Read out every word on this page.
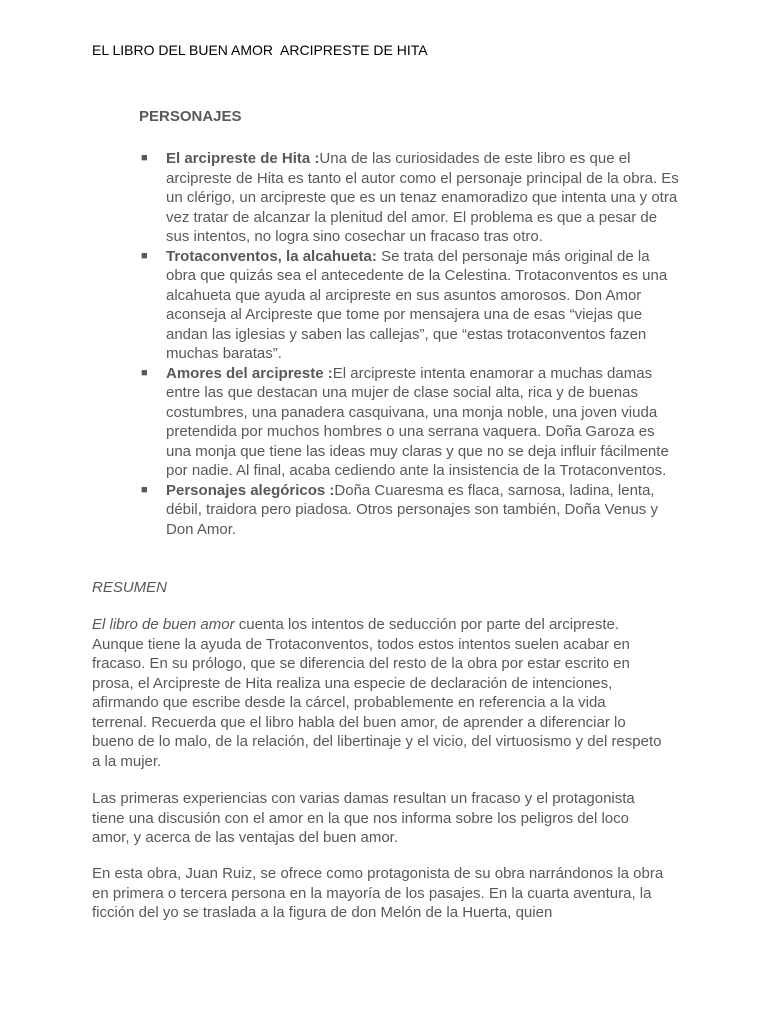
EL LIBRO DEL BUEN AMOR  ARCIPRESTE DE HITA
PERSONAJES
■ El arcipreste de Hita :Una de las curiosidades de este libro es que el arcipreste de Hita es tanto el autor como el personaje principal de la obra. Es un clérigo, un arcipreste que es un tenaz enamoradizo que intenta una y otra vez tratar de alcanzar la plenitud del amor. El problema es que a pesar de sus intentos, no logra sino cosechar un fracaso tras otro.
■ Trotaconventos, la alcahueta: Se trata del personaje más original de la obra que quizás sea el antecedente de la Celestina. Trotaconventos es una alcahueta que ayuda al arcipreste en sus asuntos amorosos. Don Amor aconseja al Arcipreste que tome por mensajera una de esas “viejas que andan las iglesias y saben las callejas”, que “estas trotaconventos fazen muchas baratas”.
■ Amores del arcipreste :El arcipreste intenta enamorar a muchas damas entre las que destacan una mujer de clase social alta, rica y de buenas costumbres, una panadera casquivana, una monja noble, una joven viuda pretendida por muchos hombres o una serrana vaquera. Doña Garoza es una monja que tiene las ideas muy claras y que no se deja influir fácilmente por nadie. Al final, acaba cediendo ante la insistencia de la Trotaconventos.
■ Personajes alegóricos :Doña Cuaresma es flaca, sarnosa, ladina, lenta, débil, traidora pero piadosa. Otros personajes son también, Doña Venus y Don Amor.
RESUMEN

El libro de buen amor cuenta los intentos de seducción por parte del arcipreste. Aunque tiene la ayuda de Trotaconventos, todos estos intentos suelen acabar en fracaso. En su prólogo, que se diferencia del resto de la obra por estar escrito en prosa, el Arcipreste de Hita realiza una especie de declaración de intenciones, afirmando que escribe desde la cárcel, probablemente en referencia a la vida terrenal. Recuerda que el libro habla del buen amor, de aprender a diferenciar lo bueno de lo malo, de la relación, del libertinaje y el vicio, del virtuosismo y del respeto a la mujer.

Las primeras experiencias con varias damas resultan un fracaso y el protagonista tiene una discusión con el amor en la que nos informa sobre los peligros del loco amor, y acerca de las ventajas del buen amor.

En esta obra, Juan Ruiz, se ofrece como protagonista de su obra narrándonos la obra en primera o tercera persona en la mayoría de los pasajes. En la cuarta aventura, la ficción del yo se traslada a la figura de don Melón de la Huerta, quien
